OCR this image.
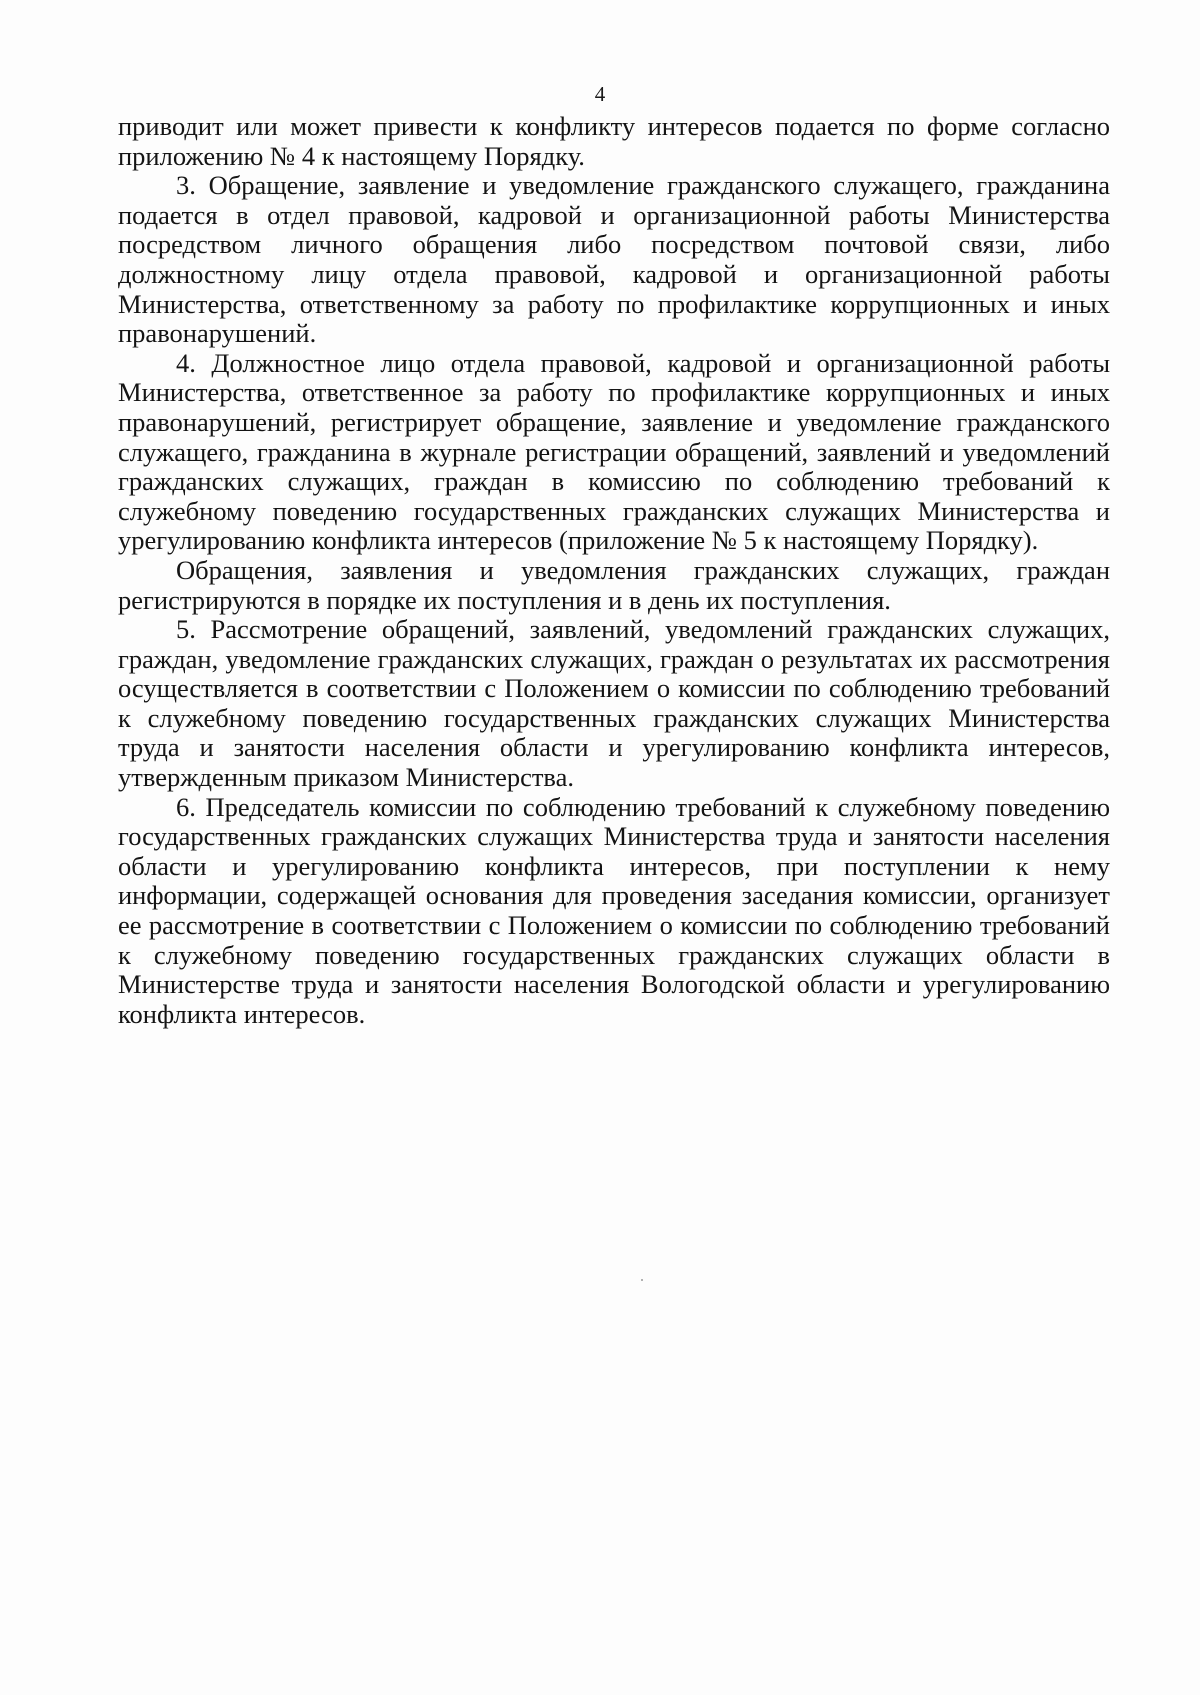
4

приводит или может привести к конфликту интересов подается по форме согласно приложению № 4 к настоящему Порядку.

3. Обращение, заявление и уведомление гражданского служащего, гражданина подается в отдел правовой, кадровой и организационной работы Министерства посредством личного обращения либо посредством почтовой связи, либо должностному лицу отдела правовой, кадровой и организационной работы Министерства, ответственному за работу по профилактике коррупционных и иных правонарушений.

4. Должностное лицо отдела правовой, кадровой и организационной работы Министерства, ответственное за работу по профилактике коррупционных и иных правонарушений, регистрирует обращение, заявление и уведомление гражданского служащего, гражданина в журнале регистрации обращений, заявлений и уведомлений гражданских служащих, граждан в комиссию по соблюдению требований к служебному поведению государственных гражданских служащих Министерства и урегулированию конфликта интересов (приложение № 5 к настоящему Порядку).

Обращения, заявления и уведомления гражданских служащих, граждан регистрируются в порядке их поступления и в день их поступления.

5. Рассмотрение обращений, заявлений, уведомлений гражданских служащих, граждан, уведомление гражданских служащих, граждан о результатах их рассмотрения осуществляется в соответствии с Положением о комиссии по соблюдению требований к служебному поведению государственных гражданских служащих Министерства труда и занятости населения области и урегулированию конфликта интересов, утвержденным приказом Министерства.

6. Председатель комиссии по соблюдению требований к служебному поведению государственных гражданских служащих Министерства труда и занятости населения области и урегулированию конфликта интересов, при поступлении к нему информации, содержащей основания для проведения заседания комиссии, организует ее рассмотрение в соответствии с Положением о комиссии по соблюдению требований к служебному поведению государственных гражданских служащих области в Министерстве труда и занятости населения Вологодской области и урегулированию конфликта интересов.
